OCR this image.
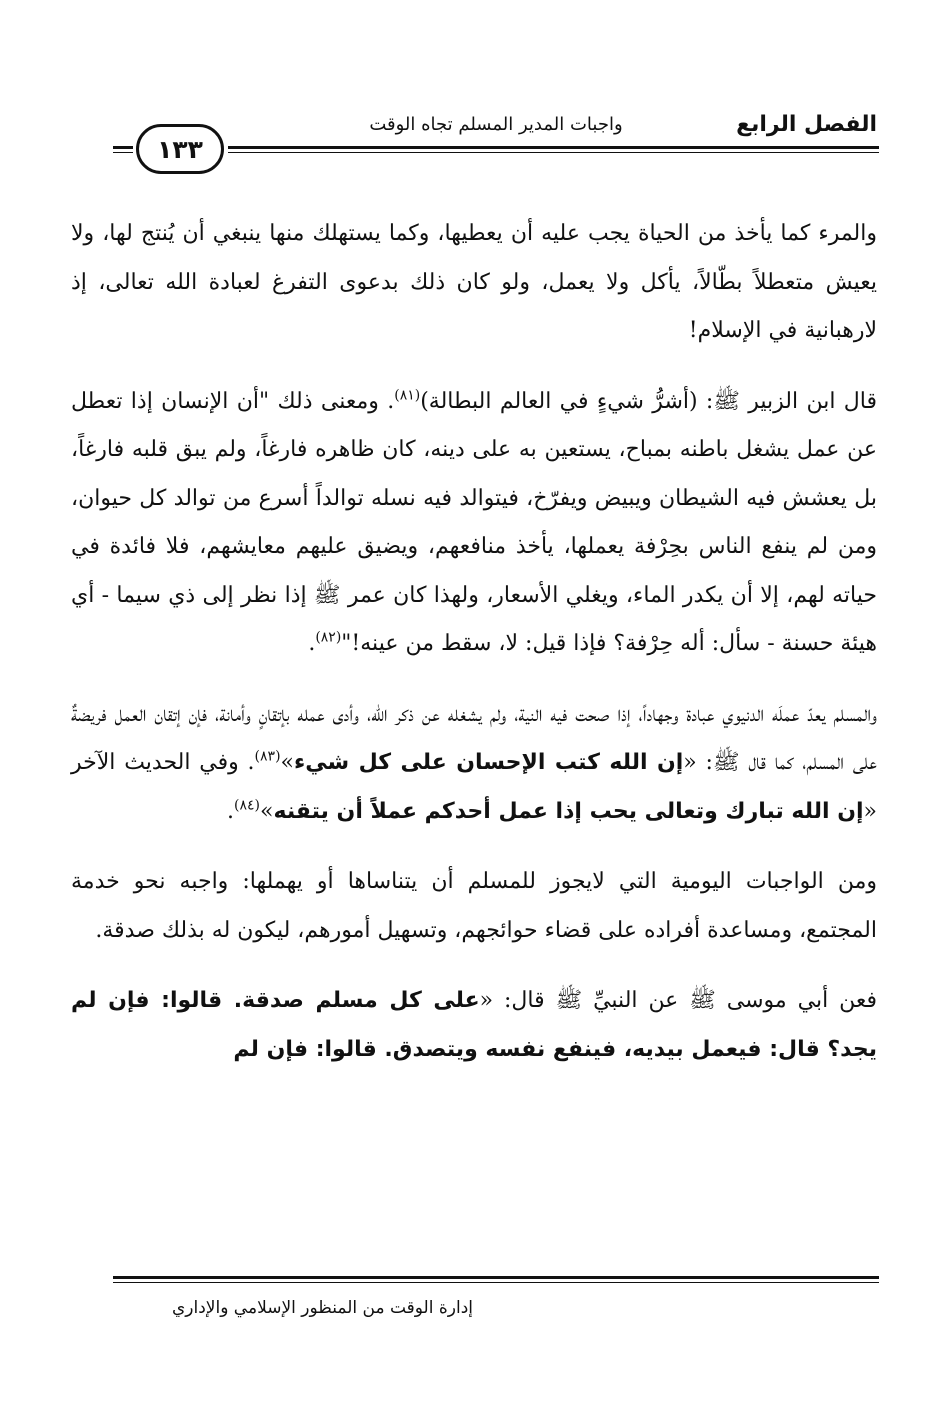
الفصل الرابع
واجبات المدير المسلم تجاه الوقت
١٣٣

والمرء كما يأخذ من الحياة يجب عليه أن يعطيها، وكما يستهلك منها ينبغي أن يُنتج لها، ولا يعيش متعطلاً بطّالاً، يأكل ولا يعمل، ولو كان ذلك بدعوى التفرغ لعبادة الله تعالى، إذ لارهبانية في الإسلام!

قال ابن الزبير ﷺ: (أشرُّ شيءٍ في العالم البطالة)$^{(٨١)}$. ومعنى ذلك "أن الإنسان إذا تعطل عن عمل يشغل باطنه بمباح، يستعين به على دينه، كان ظاهره فارغاً، ولم يبق قلبه فارغاً، بل يعشش فيه الشيطان ويبيض ويفرّخ، فيتوالد فيه نسله توالداً أسرع من توالد كل حيوان، ومن لم ينفع الناس بحِرْفة يعملها، يأخذ منافعهم، ويضيق عليهم معايشهم، فلا فائدة في حياته لهم، إلا أن يكدر الماء، ويغلي الأسعار، ولهذا كان عمر ﷺ إذا نظر إلى ذي سيما - أي هيئة حسنة - سأل: أله حِرْفة؟ فإذا قيل: لا، سقط من عينه!"$^{(٨٢)}$.

والمسلم يعدّ عملَه الدنيوي عبادة وجهاداً، إذا صحت فيه النية، ولم يشغله عن ذكر الله، وأدى عمله بإتقانٍ وأمانة، فإن إتقان العمل فريضةٌ على المسلم، كما قال ﷺ: «إن الله كتب الإحسان على كل شيء»$^{(٨٣)}$. وفي الحديث الآخر «إن الله تبارك وتعالى يحب إذا عمل أحدكم عملاً أن يتقنه»$^{(٨٤)}$.

ومن الواجبات اليومية التي لايجوز للمسلم أن يتناساها أو يهملها: واجبه نحو خدمة المجتمع، ومساعدة أفراده على قضاء حوائجهم، وتسهيل أمورهم، ليكون له بذلك صدقة.

فعن أبي موسى ﷺ عن النبيِّ ﷺ قال: «على كل مسلم صدقة. قالوا: فإن لم يجد؟ قال: فيعمل بيديه، فينفع نفسه ويتصدق. قالوا: فإن لم

إدارة الوقت من المنظور الإسلامي والإداري
